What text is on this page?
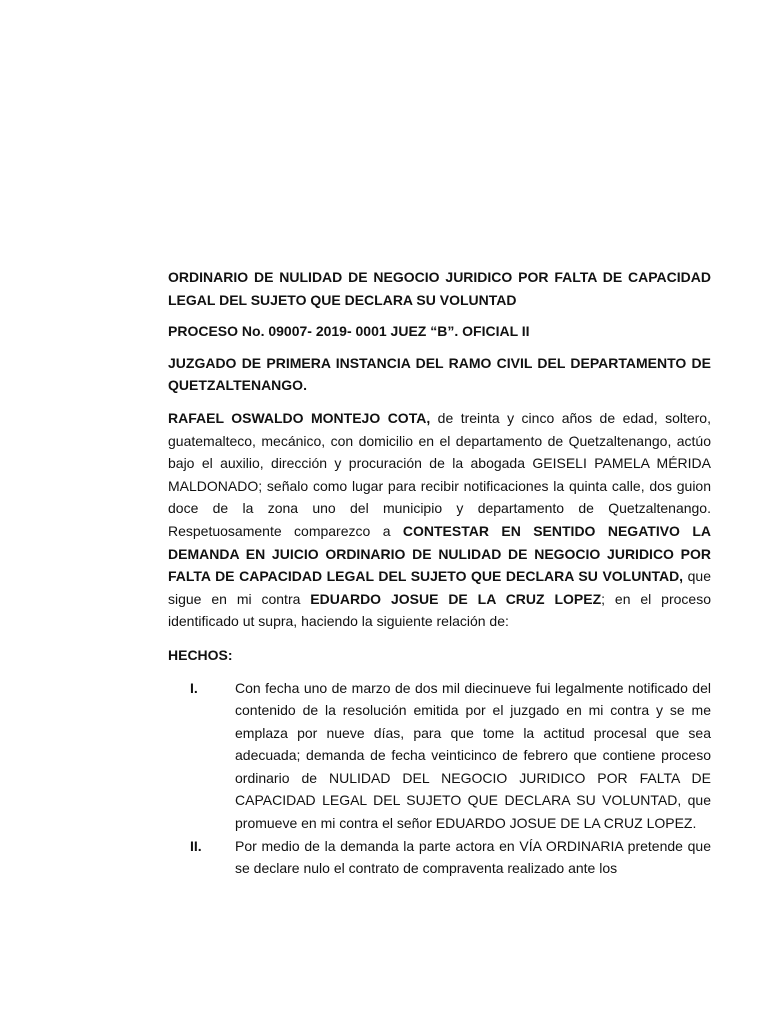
ORDINARIO DE NULIDAD DE NEGOCIO JURIDICO POR FALTA DE CAPACIDAD LEGAL DEL SUJETO QUE DECLARA SU VOLUNTAD

PROCESO No. 09007- 2019- 0001 JUEZ “B”. OFICIAL II

JUZGADO DE PRIMERA INSTANCIA DEL RAMO CIVIL DEL DEPARTAMENTO DE QUETZALTENANGO.

RAFAEL OSWALDO MONTEJO COTA, de treinta y cinco años de edad, soltero, guatemalteco, mecánico, con domicilio en el departamento de Quetzaltenango, actúo bajo el auxilio, dirección y procuración de la abogada GEISELI PAMELA MÉRIDA MALDONADO; señalo como lugar para recibir notificaciones la quinta calle, dos guion doce de la zona uno del municipio y departamento de Quetzaltenango. Respetuosamente comparezco a CONTESTAR EN SENTIDO NEGATIVO LA DEMANDA EN JUICIO ORDINARIO DE NULIDAD DE NEGOCIO JURIDICO POR FALTA DE CAPACIDAD LEGAL DEL SUJETO QUE DECLARA SU VOLUNTAD, que sigue en mi contra EDUARDO JOSUE DE LA CRUZ LOPEZ; en el proceso identificado ut supra, haciendo la siguiente relación de:

HECHOS:

I.	Con fecha uno de marzo de dos mil diecinueve fui legalmente notificado del contenido de la resolución emitida por el juzgado en mi contra y se me emplaza por nueve días, para que tome la actitud procesal que sea adecuada; demanda de fecha veinticinco de febrero que contiene proceso ordinario de NULIDAD DEL NEGOCIO JURIDICO POR FALTA DE CAPACIDAD LEGAL DEL SUJETO QUE DECLARA SU VOLUNTAD, que promueve en mi contra el señor EDUARDO JOSUE DE LA CRUZ LOPEZ.
II.	Por medio de la demanda la parte actora en VÍA ORDINARIA pretende que se declare nulo el contrato de compraventa realizado ante los
